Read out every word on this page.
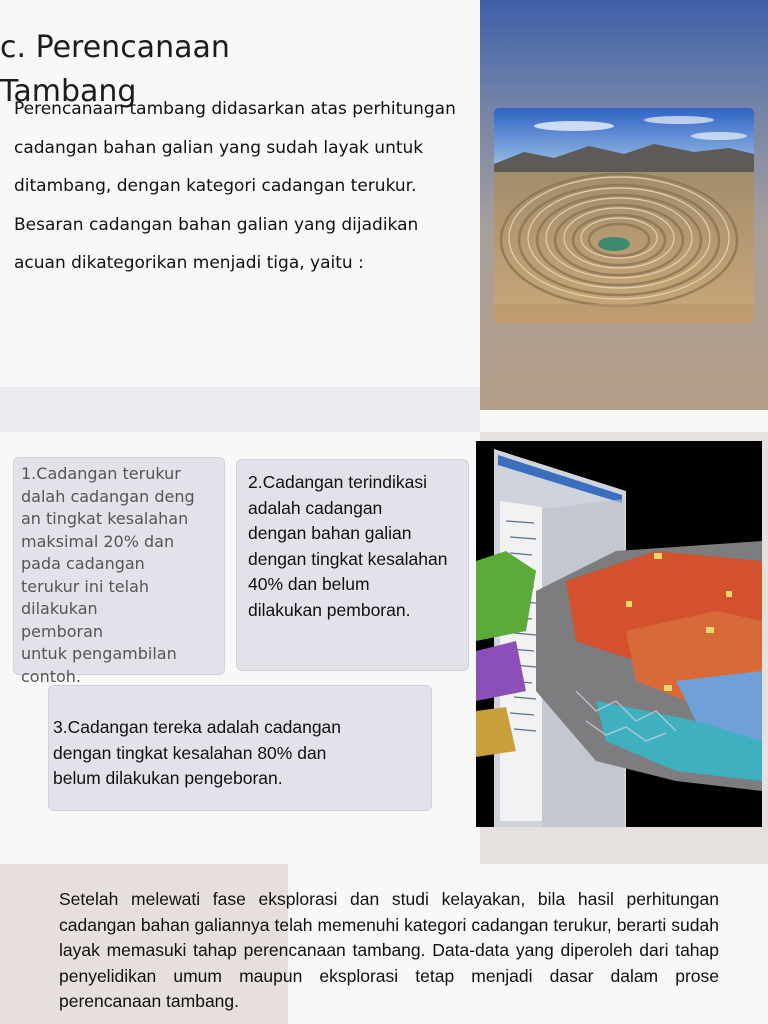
c. Perencanaan Tambang

Perencanaan tambang didasarkan atas perhitungan cadangan bahan galian yang sudah layak untuk ditambang, dengan kategori cadangan terukur.

Besaran cadangan bahan galian yang dijadikan acuan dikategorikan menjadi tiga, yaitu :

1.Cadangan terukur
dalah cadangan deng
an tingkat kesalahan
maksimal 20% dan
pada cadangan
terukur ini telah
dilakukan
pemboran
untuk pengambilan
contoh.
2.Cadangan terindikasi
adalah cadangan
dengan bahan galian
dengan tingkat kesalahan
40% dan belum
dilakukan pemboran.
3.Cadangan tereka adalah cadangan
dengan tingkat kesalahan 80% dan
belum dilakukan pengeboran.

Setelah melewati fase eksplorasi dan studi kelayakan, bila hasil perhitungan cadangan bahan galiannya telah memenuhi kategori cadangan terukur, berarti sudah layak memasuki tahap perencanaan tambang. Data-data yang diperoleh dari tahap penyelidikan umum maupun eksplorasi tetap menjadi dasar dalam prose perencanaan tambang.
